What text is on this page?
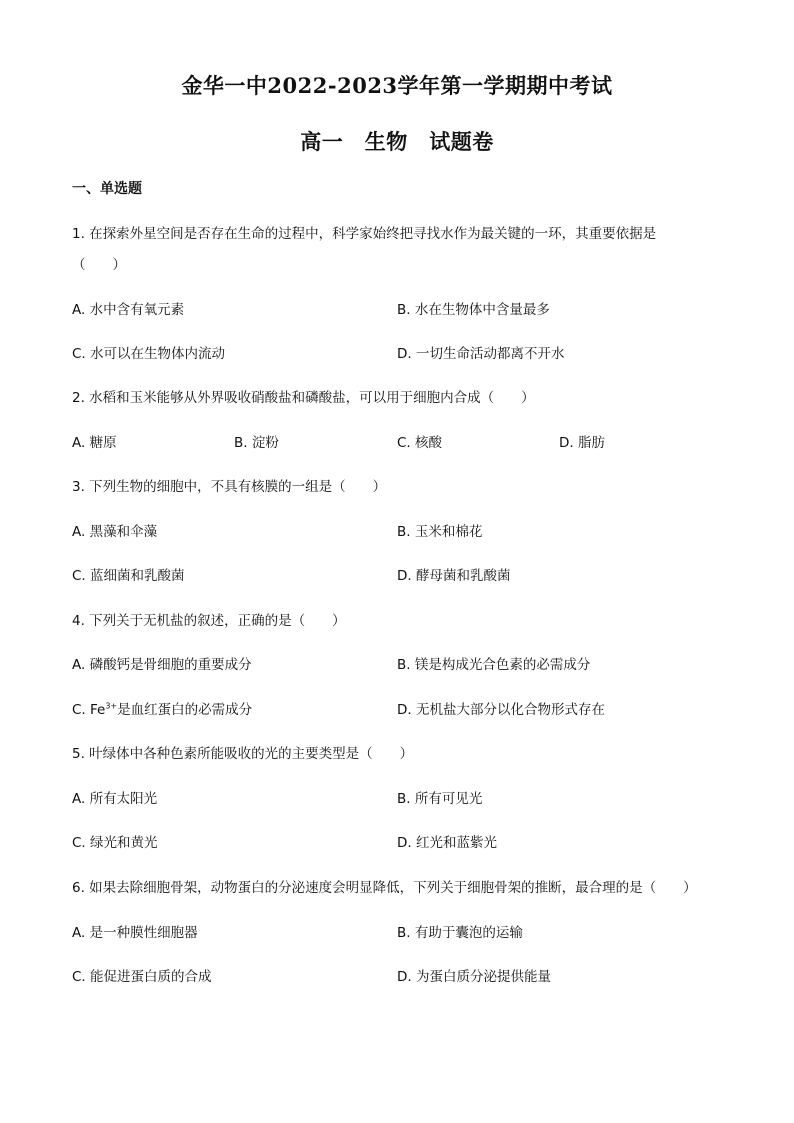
金华一中2022-2023学年第一学期期中考试
高一　生物　试题卷
一、单选题
1. 在探索外星空间是否存在生命的过程中，科学家始终把寻找水作为最关键的一环，其重要依据是
（　　）
A. 水中含有氧元素	B. 水在生物体中含量最多
C. 水可以在生物体内流动	D. 一切生命活动都离不开水
2. 水稻和玉米能够从外界吸收硝酸盐和磷酸盐，可以用于细胞内合成（　　）
A. 糖原	B. 淀粉	C. 核酸	D. 脂肪
3. 下列生物的细胞中，不具有核膜的一组是（　　）
A. 黑藻和伞藻	B. 玉米和棉花
C. 蓝细菌和乳酸菌	D. 酵母菌和乳酸菌
4. 下列关于无机盐的叙述，正确的是（　　）
A. 磷酸钙是骨细胞的重要成分	B. 镁是构成光合色素的必需成分
C. $Fe^{3+}$是血红蛋白的必需成分	D. 无机盐大部分以化合物形式存在
5. 叶绿体中各种色素所能吸收的光的主要类型是（　　）
A. 所有太阳光	B. 所有可见光
C. 绿光和黄光	D. 红光和蓝紫光
6. 如果去除细胞骨架，动物蛋白的分泌速度会明显降低，下列关于细胞骨架的推断，最合理的是（　　）
A. 是一种膜性细胞器	B. 有助于囊泡的运输
C. 能促进蛋白质的合成	D. 为蛋白质分泌提供能量
